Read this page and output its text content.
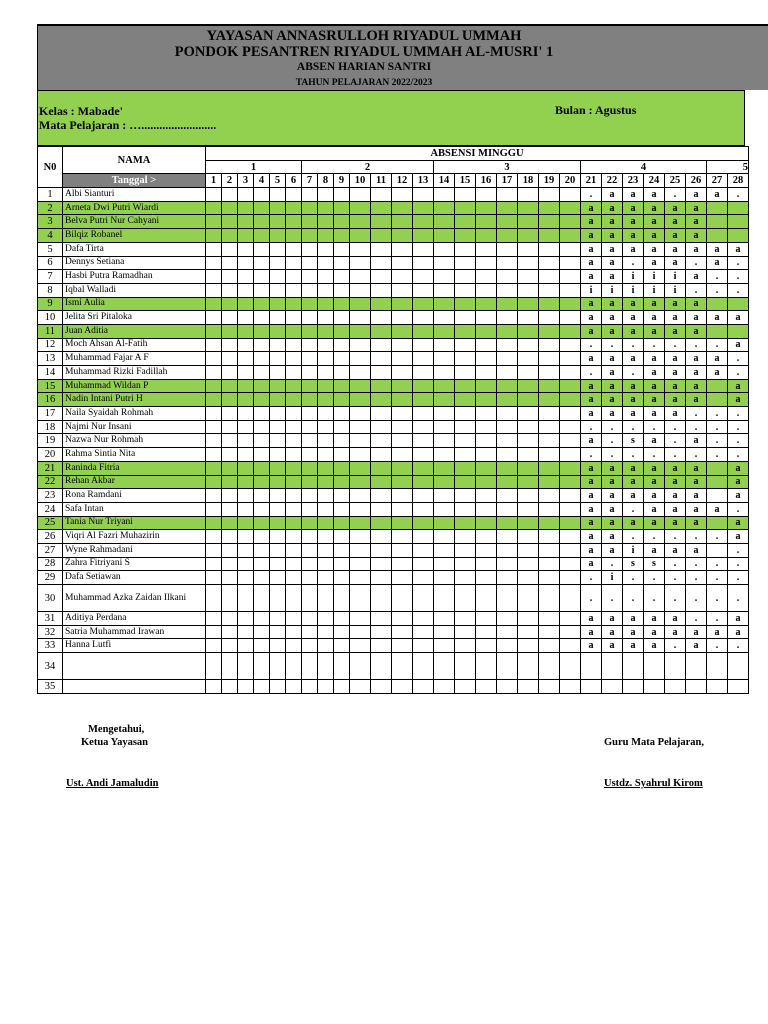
YAYASAN ANNASRULLOH RIYADUL UMMAH
PONDOK PESANTREN RIYADUL UMMAH AL-MUSRI' 1
ABSEN HARIAN SANTRI
TAHUN PELAJARAN 2022/2023
Kelas : Mabade'
Mata Pelajaran : ….........................
Bulan : Agustus
N0	NAMA	ABSENSI MINGGU																											
		1						2							3							4						5	
	Tanggal >	1	2	3	4	5	6	7	8	9	10	11	12	13	14	15	16	17	18	19	20	21	22	23	24	25	26	27	28
1	Albi Sianturi																					.	a	a	a	.	a	a	.
2	Arneta Dwi Putri Wiardi																					a	a	a	a	a	a		
3	Belva Putri Nur Cahyani																					a	a	a	a	a	a		
4	Bilqiz Robanel																					a	a	a	a	a	a		
5	Dafa Tirta																					a	a	a	a	a	a	a	a
6	Dennys Setiana																					a	a	.	a	a	.	a	.
7	Hasbi Putra Ramadhan																					a	a	i	i	i	a	.	.
8	Iqbal Walladi																					i	i	i	i	i	.	.	.
9	Ismi Aulia																					a	a	a	a	a	a		
10	Jelita Sri Pitaloka																					a	a	a	a	a	a	a	a
11	Juan Aditia																					a	a	a	a	a	a		
12	Moch Ahsan Al-Fatih																					.	.	.	.	.	.	.	a
13	Muhammad Fajar A F																					a	a	a	a	a	a	a	.
14	Muhammad Rizki Fadillah																					.	a	.	a	a	a	a	.
15	Muhammad Wildan P																					a	a	a	a	a	a		a
16	Nadin Intani Putri H																					a	a	a	a	a	a		a
17	Naila Syaidah Rohmah																					a	a	a	a	a	.	.	.
18	Najmi Nur Insani																					.	.	.	.	.	.	.	.
19	Nazwa Nur Rohmah																					a	.	s	a	.	a	.	.
20	Rahma Sintia Nita																					.	.	.	.	.	.	.	.
21	Raninda Fitria																					a	a	a	a	a	a		a
22	Rehan Akbar																					a	a	a	a	a	a		a
23	Rona Ramdani																					a	a	a	a	a	a		a
24	Safa Intan																					a	a	.	a	a	a	a	.
25	Tania Nur Triyani																					a	a	a	a	a	a		a
26	Viqri Al Fazri Muhazirin																					a	a	.	.	.	.	.	a
27	Wyne Rahmadani																					a	a	i	a	a	a		.
28	Zahra Fitriyani S																					a	.	s	s	.	.	.	.
29	Dafa Setiawan																					.	i	.	.	.	.	.	.
30	Muhammad Azka Zaidan Ilkani																					.	.	.	.	.	.	.	.
31	Aditiya Perdana																					a	a	a	a	a	.	.	a
32	Satria Muhammad Irawan																					a	a	a	a	a	a	a	a
33	Hanna Lutfi																					a	a	a	a	.	a	.	.
34																													
35																													
Mengetahui,
Ketua Yayasan
Ust. Andi Jamaludin
Guru Mata Pelajaran,
Ustdz. Syahrul Kirom
